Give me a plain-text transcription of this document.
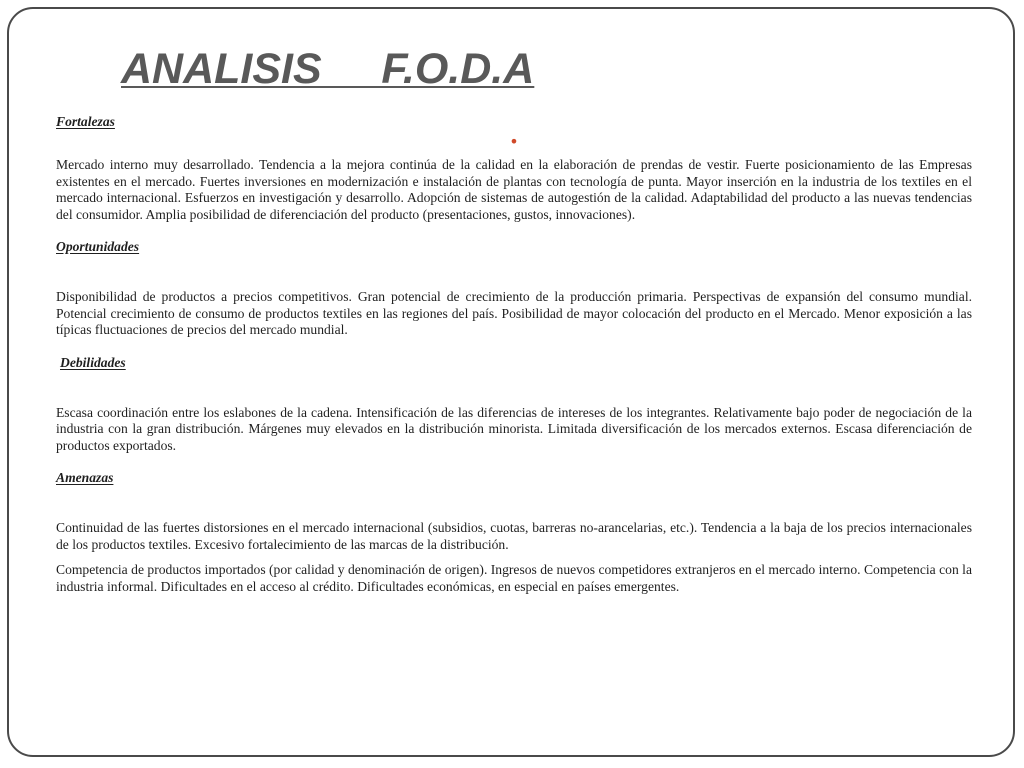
ANALISIS     F.O.D.A
Fortalezas
•

Mercado interno muy desarrollado. Tendencia a la mejora continúa de la calidad en la elaboración de prendas de vestir. Fuerte posicionamiento de las Empresas existentes en el mercado. Fuertes inversiones en modernización e instalación de plantas con tecnología de punta. Mayor inserción en la industria de los textiles en el mercado internacional. Esfuerzos en investigación y desarrollo. Adopción de sistemas de autogestión de la calidad. Adaptabilidad del producto a las nuevas tendencias del consumidor. Amplia posibilidad de diferenciación del producto (presentaciones, gustos, innovaciones).

Oportunidades

Disponibilidad de productos a precios competitivos. Gran potencial de crecimiento de la producción primaria. Perspectivas de expansión del consumo mundial. Potencial crecimiento de consumo de productos textiles en las regiones del país. Posibilidad de mayor colocación del producto en el Mercado. Menor exposición a las típicas fluctuaciones de precios del mercado mundial.

Debilidades

Escasa coordinación entre los eslabones de la cadena. Intensificación de las diferencias de intereses de los integrantes. Relativamente bajo poder de negociación de la industria con la gran distribución. Márgenes muy elevados en la distribución minorista. Limitada diversificación de los mercados externos. Escasa diferenciación de productos exportados.

Amenazas

Continuidad de las fuertes distorsiones en el mercado internacional (subsidios, cuotas, barreras no-arancelarias, etc.). Tendencia a la baja de los precios internacionales de los productos textiles. Excesivo fortalecimiento de las marcas de la distribución.

Competencia de productos importados (por calidad y denominación de origen). Ingresos de nuevos competidores extranjeros en el mercado interno. Competencia con la industria informal. Dificultades en el acceso al crédito. Dificultades económicas, en especial en países emergentes.
